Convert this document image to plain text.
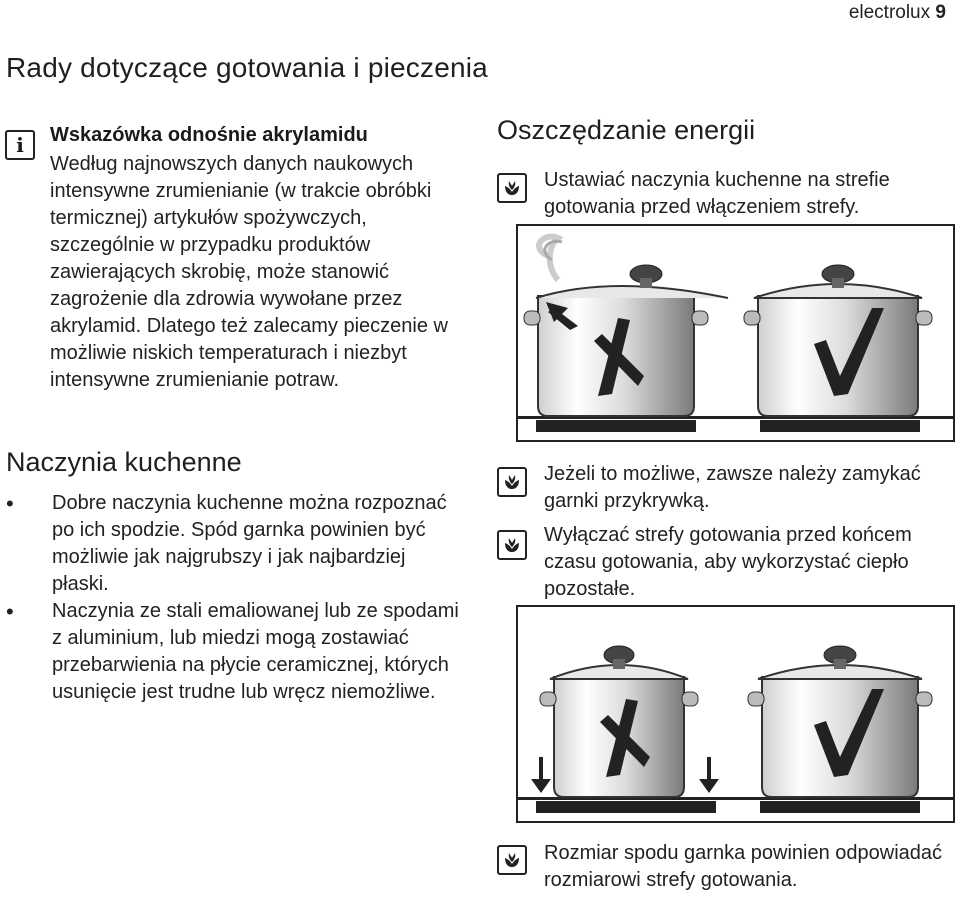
electrolux 9
Rady dotyczące gotowania i pieczenia
i	Wskazówka odnośnie akrylamidu
Według najnowszych danych naukowych intensywne zrumienianie (w trakcie obróbki termicznej) artykułów spożywczych, szczególnie w przypadku produktów zawierających skrobię, może stanowić zagrożenie dla zdrowia wywołane przez akrylamid. Dlatego też zalecamy pieczenie w możliwie niskich temperaturach i niezbyt intensywne zrumienianie potraw.
Naczynia kuchenne
• Dobre naczynia kuchenne można rozpoznać po ich spodzie. Spód garnka powinien być możliwie jak najgrubszy i jak najbardziej płaski.
• Naczynia ze stali emaliowanej lub ze spodami z aluminium, lub miedzi mogą zostawiać przebarwienia na płycie ceramicznej, których usunięcie jest trudne lub wręcz niemożliwe.
Oszczędzanie energii
Ustawiać naczynia kuchenne na strefie gotowania przed włączeniem strefy.
Jeżeli to możliwe, zawsze należy zamykać garnki przykrywką.
Wyłączać strefy gotowania przed końcem czasu gotowania, aby wykorzystać ciepło pozostałe.
Rozmiar spodu garnka powinien odpowiadać rozmiarowi strefy gotowania.
